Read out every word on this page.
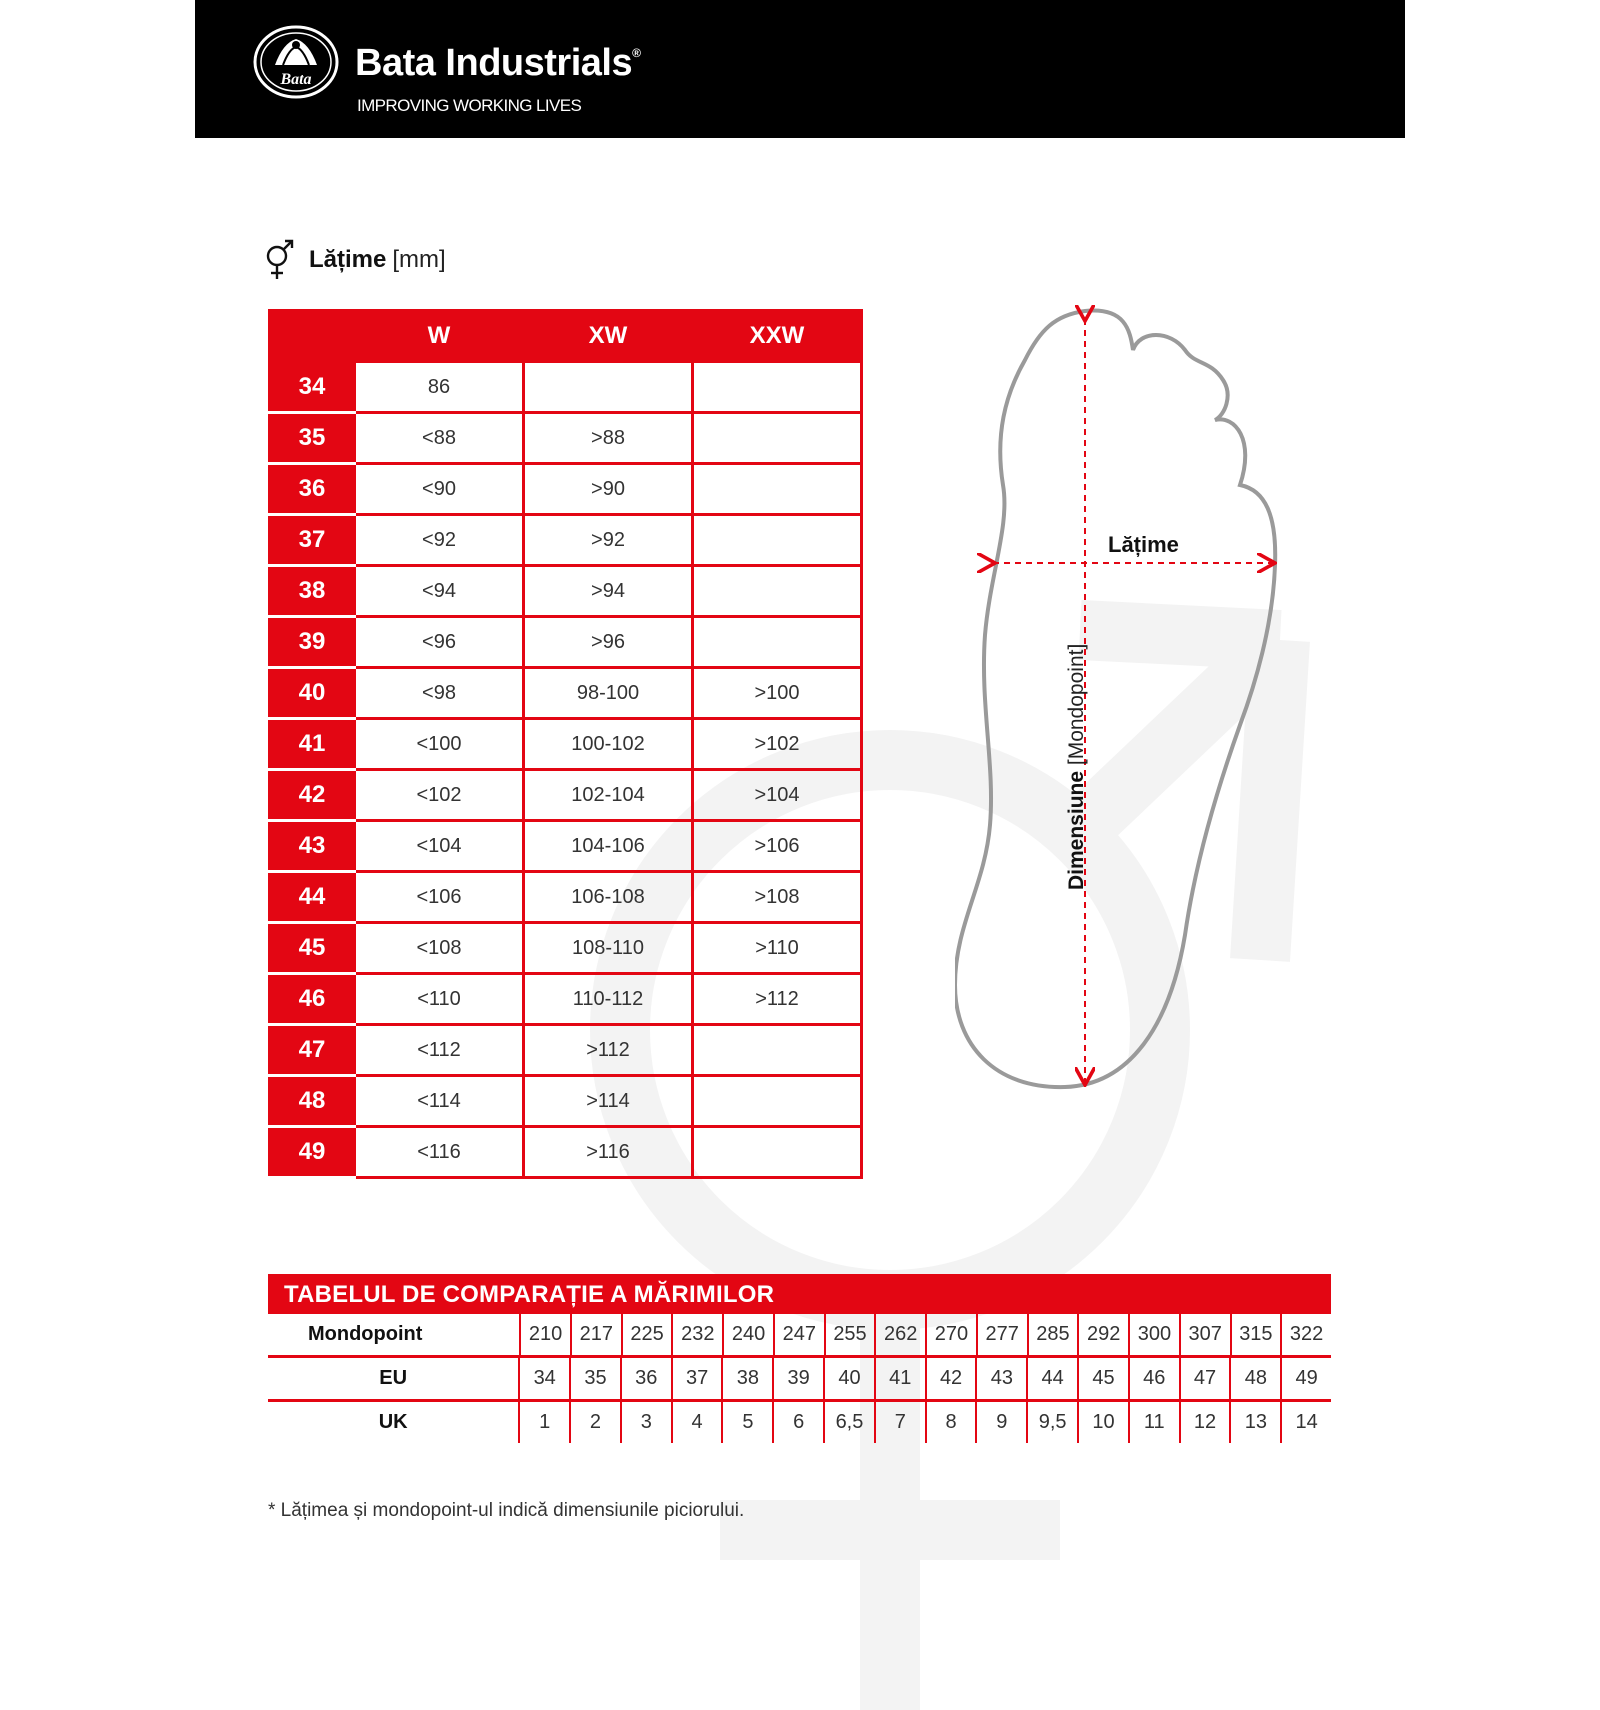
Bata Bata Industrials®
IMPROVING WORKING LIVES
Lățime [mm]
	W	XW	XXW
34	86		
35	<88	>88	
36	<90	>90	
37	<92	>92	
38	<94	>94	
39	<96	>96	
40	<98	98-100	>100
41	<100	100-102	>102
42	<102	102-104	>104
43	<104	104-106	>106
44	<106	106-108	>108
45	<108	108-110	>110
46	<110	110-112	>112
47	<112	>112	
48	<114	>114	
49	<116	>116	
Lățime
Dimensiune [Mondopoint]
TABELUL DE COMPARAȚIE A MĂRIMILOR
Mondopoint	210 217 225 232 240 247 255 262 270 277 285 292 300 307 315 322
EU	34	35	36	37	38	39	40	41	42	43	44	45	46	47	48	49
UK	1	2	3	4	5	6	6,5	7	8	9	9,5	10	11	12	13	14
* Lățimea și mondopoint-ul indică dimensiunile piciorului.
